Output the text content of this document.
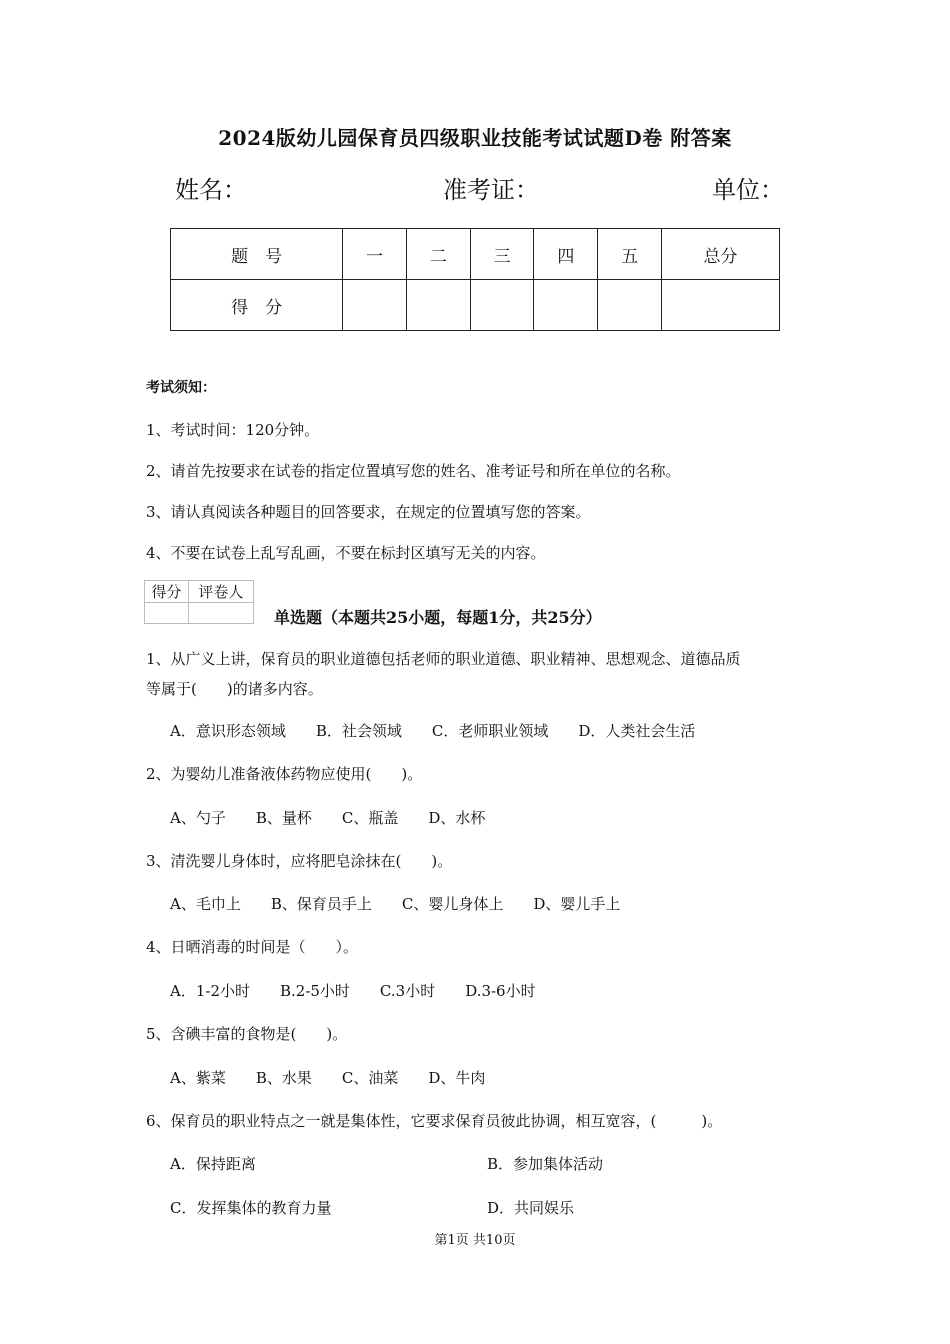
2024版幼儿园保育员四级职业技能考试试题D卷 附答案
姓名：	准考证：	单位：
题　号	一	二	三	四	五	总分
得　分						
考试须知：
1、考试时间：120分钟。
2、请首先按要求在试卷的指定位置填写您的姓名、准考证号和所在单位的名称。
3、请认真阅读各种题目的回答要求，在规定的位置填写您的答案。
4、不要在试卷上乱写乱画，不要在标封区填写无关的内容。
得分	评卷人

单选题（本题共25小题，每题1分，共25分）
1、从广义上讲，保育员的职业道德包括老师的职业道德、职业精神、思想观念、道德品质
等属于(　　)的诸多内容。
A．意识形态领域　　B．社会领域　　C．老师职业领域　　D．人类社会生活
2、为婴幼儿准备液体药物应使用(　　)。
A、勺子　　B、量杯　　C、瓶盖　　D、水杯
3、清洗婴儿身体时，应将肥皂涂抹在(　　)。
A、毛巾上　　B、保育员手上　　C、婴儿身体上　　D、婴儿手上
4、日晒消毒的时间是（　　）。
A．1-2小时　　B.2-5小时　　C.3小时　　D.3-6小时
5、含碘丰富的食物是(　　)。
A、紫菜　　B、水果　　C、油菜　　D、牛肉
6、保育员的职业特点之一就是集体性，它要求保育员彼此协调，相互宽容，(　　　)。
A．保持距离	B．参加集体活动
C．发挥集体的教育力量	D．共同娱乐
第1页 共10页
